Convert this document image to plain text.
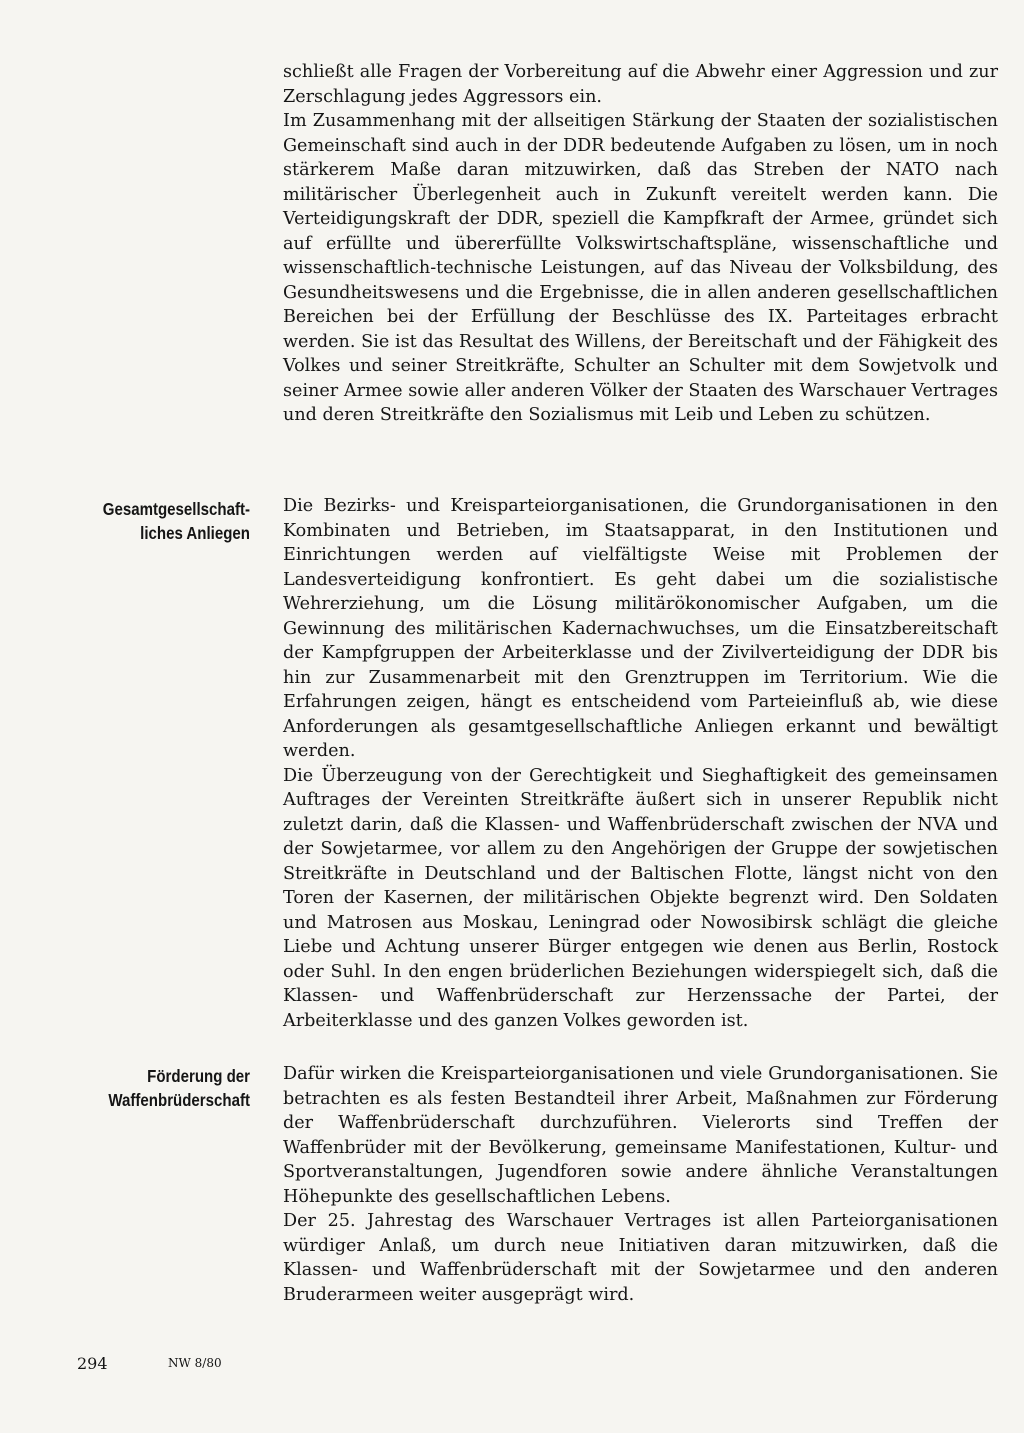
schließt alle Fragen der Vorbereitung auf die Abwehr einer Aggression und zur Zerschlagung jedes Aggressors ein.

Im Zusammenhang mit der allseitigen Stärkung der Staaten der sozialistischen Gemeinschaft sind auch in der DDR bedeutende Aufgaben zu lösen, um in noch stärkerem Maße daran mitzuwirken, daß das Streben der NATO nach militärischer Überlegenheit auch in Zukunft vereitelt werden kann. Die Verteidigungskraft der DDR, speziell die Kampfkraft der Armee, gründet sich auf erfüllte und übererfüllte Volkswirtschaftspläne, wissenschaftliche und wissenschaftlich-technische Leistungen, auf das Niveau der Volksbildung, des Gesundheitswesens und die Ergebnisse, die in allen anderen gesellschaftlichen Bereichen bei der Erfüllung der Beschlüsse des IX. Parteitages erbracht werden. Sie ist das Resultat des Willens, der Bereitschaft und der Fähigkeit des Volkes und seiner Streitkräfte, Schulter an Schulter mit dem Sowjetvolk und seiner Armee sowie aller anderen Völker der Staaten des Warschauer Vertrages und deren Streitkräfte den Sozialismus mit Leib und Leben zu schützen.

Gesamtgesellschaft-
liches Anliegen

Die Bezirks- und Kreisparteiorganisationen, die Grundorganisationen in den Kombinaten und Betrieben, im Staatsapparat, in den Institutionen und Einrichtungen werden auf vielfältigste Weise mit Problemen der Landesverteidigung konfrontiert. Es geht dabei um die sozialistische Wehrerziehung, um die Lösung militärökonomischer Aufgaben, um die Gewinnung des militärischen Kadernachwuchses, um die Einsatzbereitschaft der Kampfgruppen der Arbeiterklasse und der Zivilverteidigung der DDR bis hin zur Zusammenarbeit mit den Grenztruppen im Territorium. Wie die Erfahrungen zeigen, hängt es entscheidend vom Parteieinfluß ab, wie diese Anforderungen als gesamtgesellschaftliche Anliegen erkannt und bewältigt werden.

Die Überzeugung von der Gerechtigkeit und Sieghaftigkeit des gemeinsamen Auftrages der Vereinten Streitkräfte äußert sich in unserer Republik nicht zuletzt darin, daß die Klassen- und Waffenbrüderschaft zwischen der NVA und der Sowjetarmee, vor allem zu den Angehörigen der Gruppe der sowjetischen Streitkräfte in Deutschland und der Baltischen Flotte, längst nicht von den Toren der Kasernen, der militärischen Objekte begrenzt wird. Den Soldaten und Matrosen aus Moskau, Leningrad oder Nowosibirsk schlägt die gleiche Liebe und Achtung unserer Bürger entgegen wie denen aus Berlin, Rostock oder Suhl. In den engen brüderlichen Beziehungen widerspiegelt sich, daß die Klassen- und Waffenbrüderschaft zur Herzenssache der Partei, der Arbeiterklasse und des ganzen Volkes geworden ist.

Förderung der
Waffenbrüderschaft

Dafür wirken die Kreisparteiorganisationen und viele Grundorganisationen. Sie betrachten es als festen Bestandteil ihrer Arbeit, Maßnahmen zur Förderung der Waffenbrüderschaft durchzuführen. Vielerorts sind Treffen der Waffenbrüder mit der Bevölkerung, gemeinsame Manifestationen, Kultur- und Sportveranstaltungen, Jugendforen sowie andere ähnliche Veranstaltungen Höhepunkte des gesellschaftlichen Lebens.

Der 25. Jahrestag des Warschauer Vertrages ist allen Parteiorganisationen würdiger Anlaß, um durch neue Initiativen daran mitzuwirken, daß die Klassen- und Waffenbrüderschaft mit der Sowjetarmee und den anderen Bruderarmeen weiter ausgeprägt wird.

294	NW 8/80
